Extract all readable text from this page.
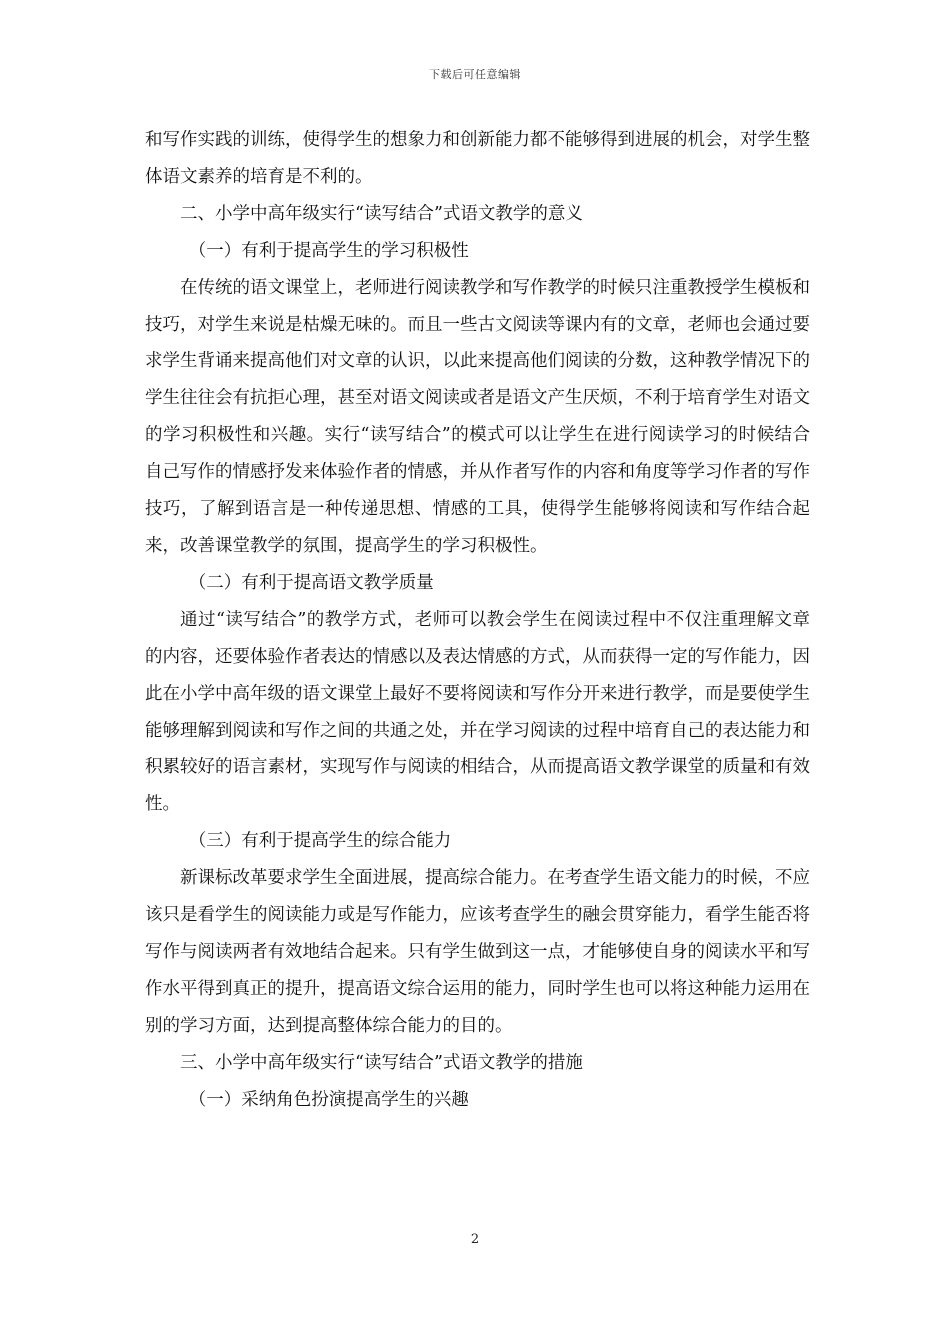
下载后可任意编辑

和写作实践的训练，使得学生的想象力和创新能力都不能够得到进展的机会，对学生整体语文素养的培育是不利的。

二、小学中高年级实行“读写结合”式语文教学的意义

（一）有利于提高学生的学习积极性

在传统的语文课堂上，老师进行阅读教学和写作教学的时候只注重教授学生模板和技巧，对学生来说是枯燥无味的。而且一些古文阅读等课内有的文章，老师也会通过要求学生背诵来提高他们对文章的认识，以此来提高他们阅读的分数，这种教学情况下的学生往往会有抗拒心理，甚至对语文阅读或者是语文产生厌烦，不利于培育学生对语文的学习积极性和兴趣。实行“读写结合”的模式可以让学生在进行阅读学习的时候结合自己写作的情感抒发来体验作者的情感，并从作者写作的内容和角度等学习作者的写作技巧，了解到语言是一种传递思想、情感的工具，使得学生能够将阅读和写作结合起来，改善课堂教学的氛围，提高学生的学习积极性。

（二）有利于提高语文教学质量

通过“读写结合”的教学方式，老师可以教会学生在阅读过程中不仅注重理解文章的内容，还要体验作者表达的情感以及表达情感的方式，从而获得一定的写作能力，因此在小学中高年级的语文课堂上最好不要将阅读和写作分开来进行教学，而是要使学生能够理解到阅读和写作之间的共通之处，并在学习阅读的过程中培育自己的表达能力和积累较好的语言素材，实现写作与阅读的相结合，从而提高语文教学课堂的质量和有效性。

（三）有利于提高学生的综合能力

新课标改革要求学生全面进展，提高综合能力。在考查学生语文能力的时候，不应该只是看学生的阅读能力或是写作能力，应该考查学生的融会贯穿能力，看学生能否将写作与阅读两者有效地结合起来。只有学生做到这一点，才能够使自身的阅读水平和写作水平得到真正的提升，提高语文综合运用的能力，同时学生也可以将这种能力运用在别的学习方面，达到提高整体综合能力的目的。

三、小学中高年级实行“读写结合”式语文教学的措施

（一）采纳角色扮演提高学生的兴趣

2
